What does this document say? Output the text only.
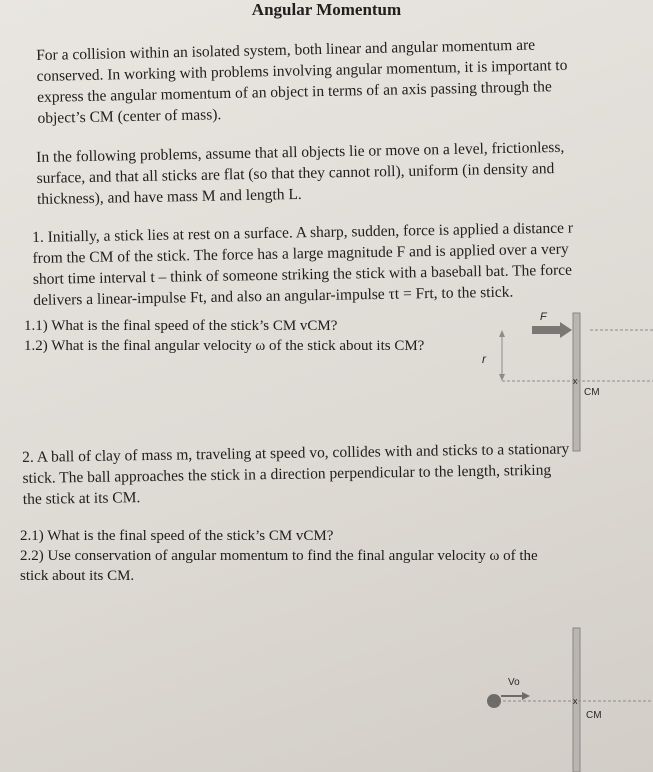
Angular Momentum

For a collision within an isolated system, both linear and angular momentum are
conserved. In working with problems involving angular momentum, it is important to
express the angular momentum of an object in terms of an axis passing through the
object’s CM (center of mass).

In the following problems, assume that all objects lie or move on a level, frictionless,
surface, and that all sticks are flat (so that they cannot roll), uniform (in density and
thickness), and have mass M and length L.

1. Initially, a stick lies at rest on a surface. A sharp, sudden, force is applied a distance r
from the CM of the stick. The force has a large magnitude F and is applied over a very
short time interval t – think of someone striking the stick with a baseball bat. The force
delivers a linear-impulse Ft, and also an angular-impulse τt = Frt, to the stick.

1.1) What is the final speed of the stick’s CM vCM?
1.2) What is the final angular velocity ω of the stick about its CM?

F
r
x
CM

2. A ball of clay of mass m, traveling at speed vo, collides with and sticks to a stationary
stick. The ball approaches the stick in a direction perpendicular to the length, striking
the stick at its CM.

2.1) What is the final speed of the stick’s CM vCM?
2.2) Use conservation of angular momentum to find the final angular velocity ω of the
stick about its CM.

Vo
x
CM
